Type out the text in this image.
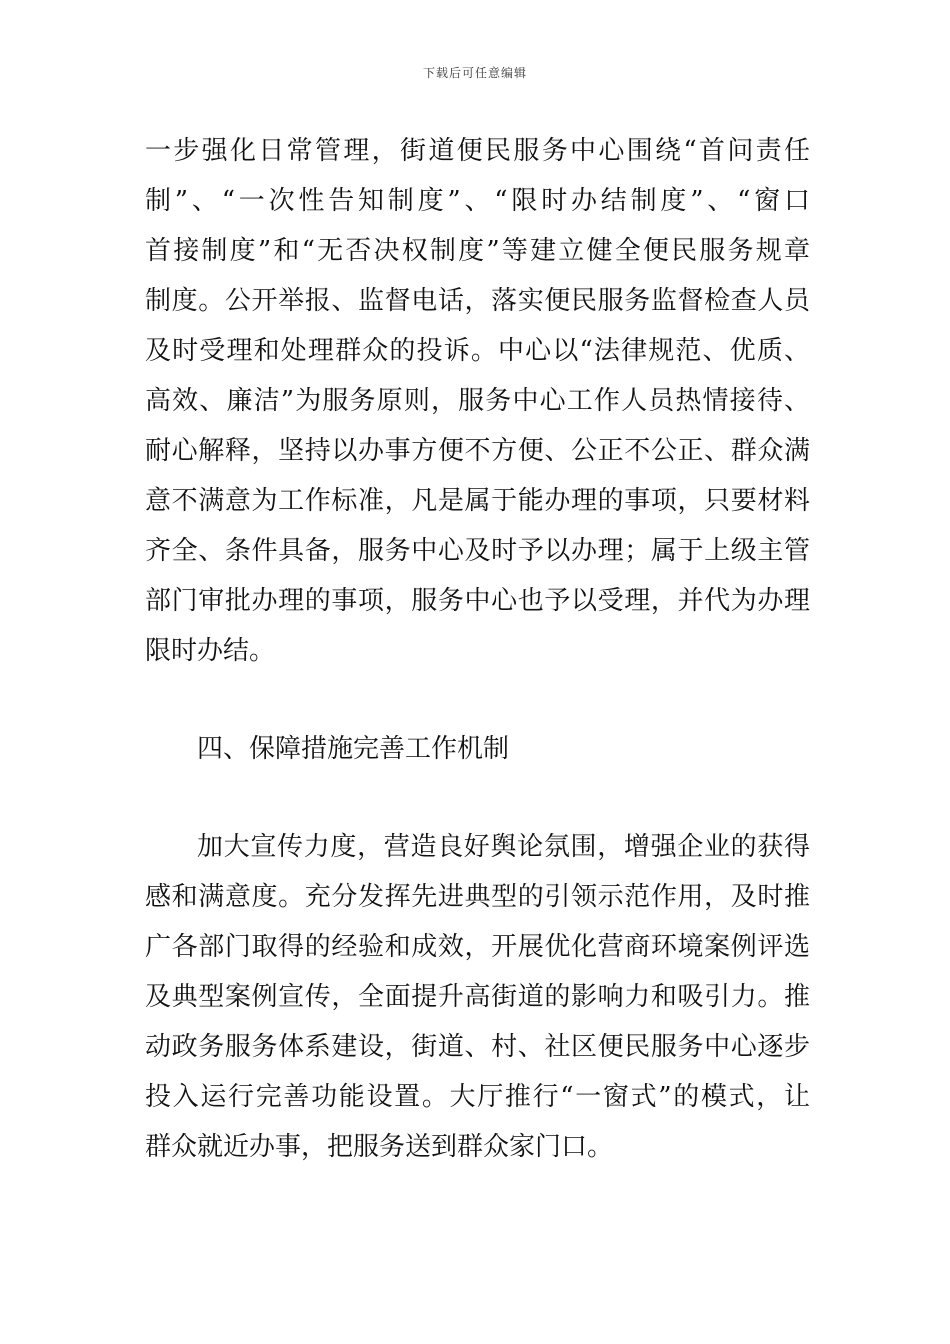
下载后可任意编辑
一步强化日常管理，街道便民服务中心围绕“首问责任
制”、“一次性告知制度”、“限时办结制度”、“窗口
首接制度”和“无否决权制度”等建立健全便民服务规章
制度。公开举报、监督电话，落实便民服务监督检查人员
及时受理和处理群众的投诉。中心以“法律规范、优质、
高效、廉洁”为服务原则，服务中心工作人员热情接待、
耐心解释，坚持以办事方便不方便、公正不公正、群众满
意不满意为工作标准，凡是属于能办理的事项，只要材料
齐全、条件具备，服务中心及时予以办理；属于上级主管
部门审批办理的事项，服务中心也予以受理，并代为办理
限时办结。
四、保障措施完善工作机制
加大宣传力度，营造良好舆论氛围，增强企业的获得
感和满意度。充分发挥先进典型的引领示范作用，及时推
广各部门取得的经验和成效，开展优化营商环境案例评选
及典型案例宣传，全面提升高街道的影响力和吸引力。推
动政务服务体系建设，街道、村、社区便民服务中心逐步
投入运行完善功能设置。大厅推行“一窗式”的模式，让
群众就近办事，把服务送到群众家门口。
